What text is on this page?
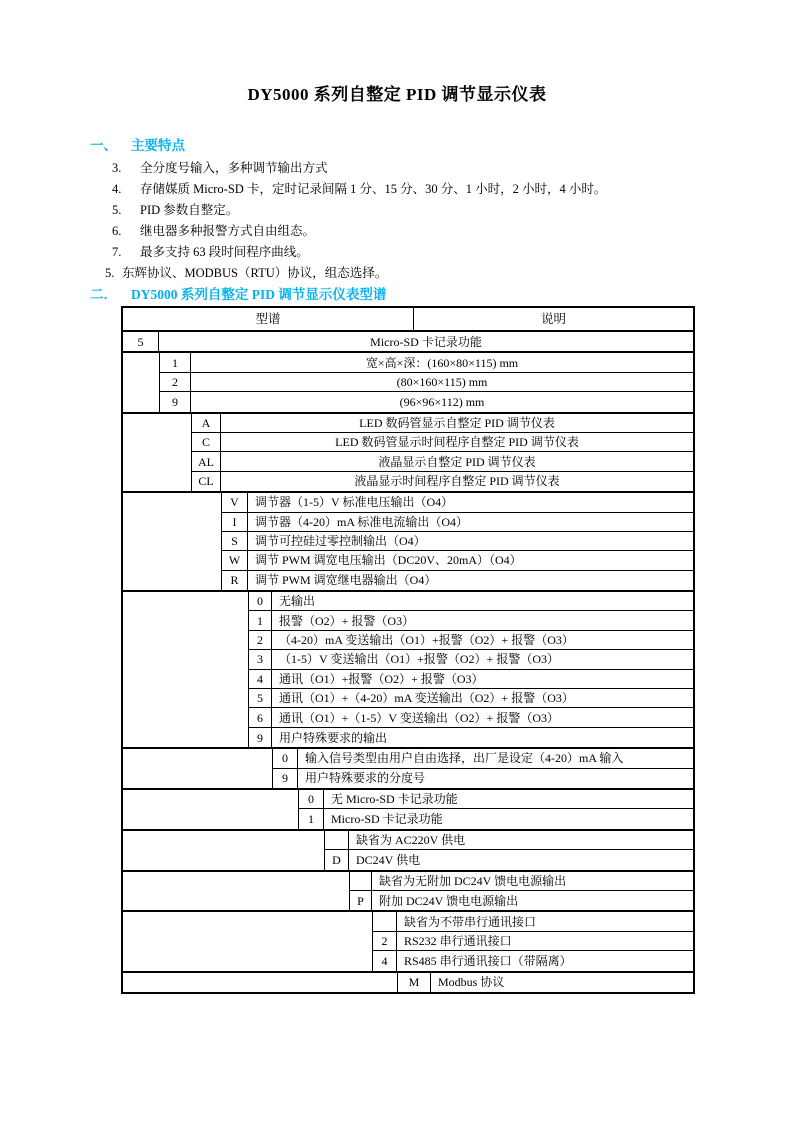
DY5000 系列自整定 PID 调节显示仪表
一、 主要特点
3.	全分度号输入，多种调节输出方式
4.	存储媒质 Micro-SD 卡，定时记录间隔 1 分、15 分、30 分、1 小时，2 小时，4 小时。
5.	PID 参数自整定。
6.	继电器多种报警方式自由组态。
7.	最多支持 63 段时间程序曲线。
5. 东辉协议、MODBUS（RTU）协议，组态选择。
二． DY5000 系列自整定 PID 调节显示仪表型谱
型谱	说明
5	Micro-SD 卡记录功能
1	宽×高×深：(160×80×115) mm
2	(80×160×115) mm
9	(96×96×112) mm
A	LED 数码管显示自整定 PID 调节仪表
C	LED 数码管显示时间程序自整定 PID 调节仪表
AL	液晶显示自整定 PID 调节仪表
CL	液晶显示时间程序自整定 PID 调节仪表
V	调节器（1-5）V 标准电压输出（O4）
I	调节器（4-20）mA 标准电流输出（O4）
S	调节可控硅过零控制输出（O4）
W	调节 PWM 调宽电压输出（DC20V、20mA）（O4）
R	调节 PWM 调宽继电器输出（O4）
0	无输出
1	报警（O2）+ 报警（O3）
2	（4-20）mA 变送输出（O1）+报警（O2）+ 报警（O3）
3	（1-5）V 变送输出（O1）+报警（O2）+ 报警（O3）
4	通讯（O1）+报警（O2）+ 报警（O3）
5	通讯（O1）+（4-20）mA 变送输出（O2）+ 报警（O3）
6	通讯（O1）+（1-5）V 变送输出（O2）+ 报警（O3）
9	用户特殊要求的输出
0	输入信号类型由用户自由选择，出厂是设定（4-20）mA 输入
9	用户特殊要求的分度号
0	无 Micro-SD 卡记录功能
1	Micro-SD 卡记录功能
缺省为 AC220V 供电
D	DC24V 供电
缺省为无附加 DC24V 馈电电源输出
P	附加 DC24V 馈电电源输出
缺省为不带串行通讯接口
2	RS232 串行通讯接口
4	RS485 串行通讯接口（带隔离）
M	Modbus 协议
